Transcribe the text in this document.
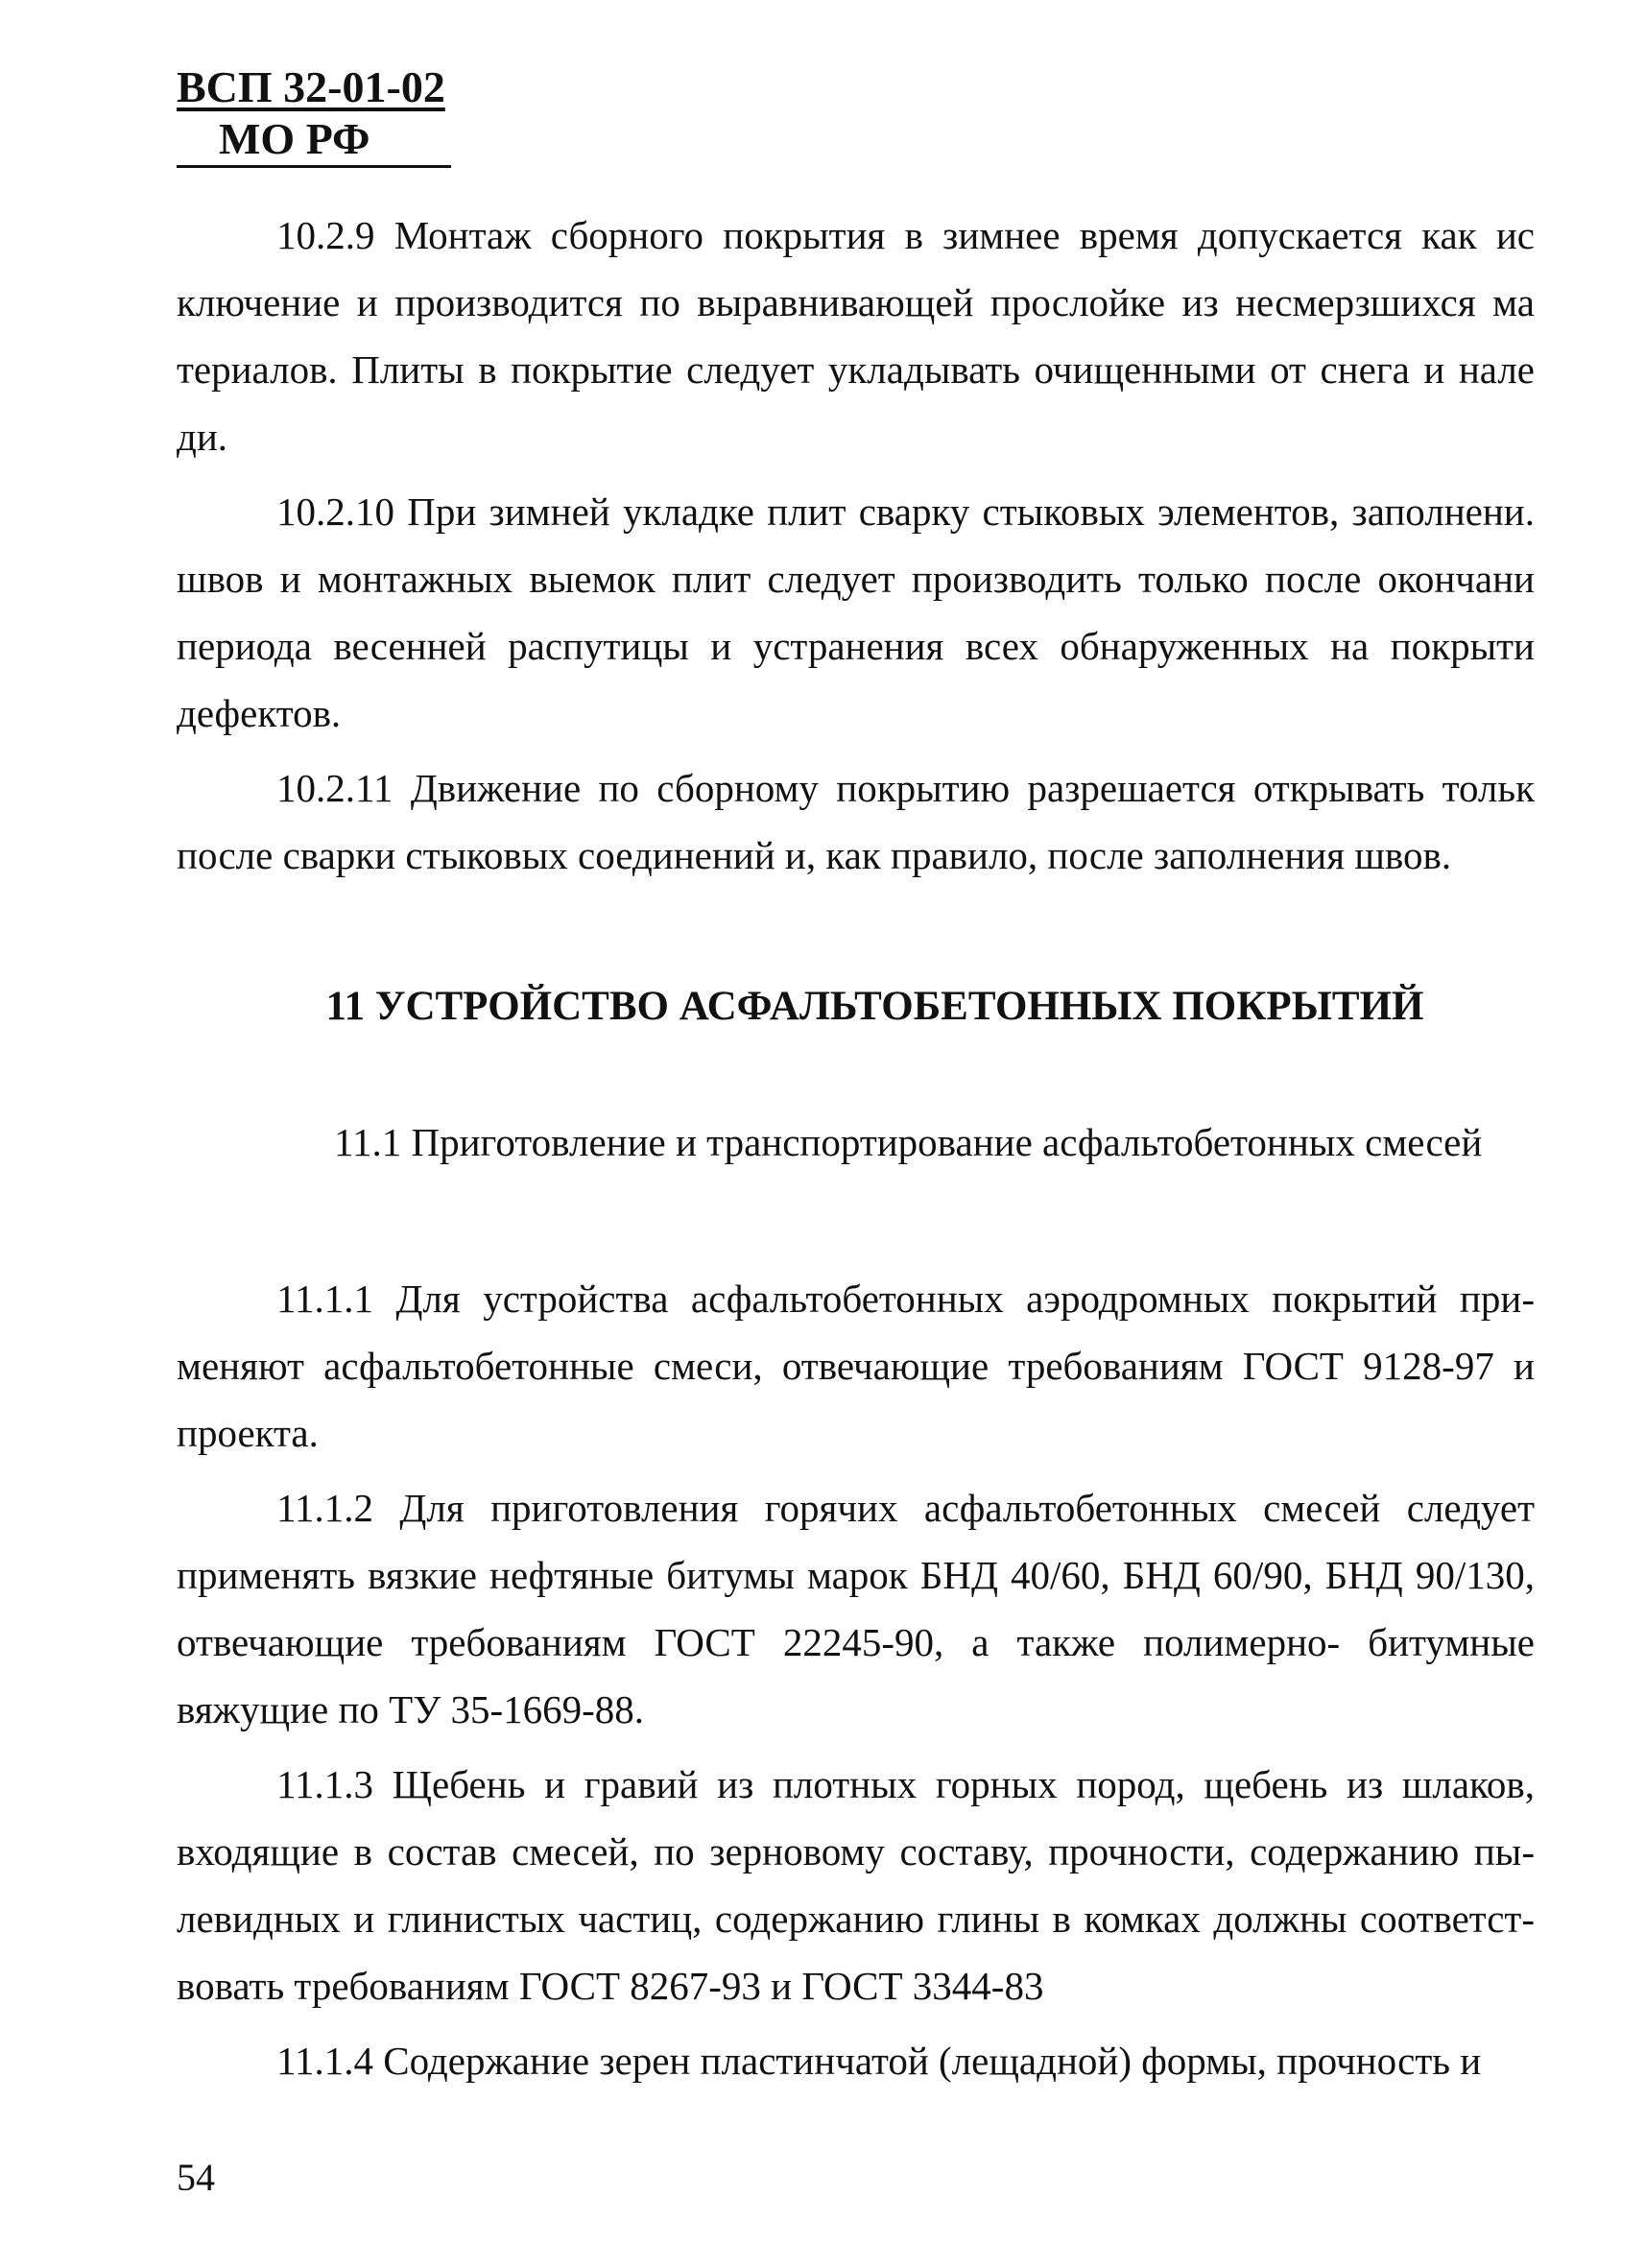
ВСП 32-01-02
МО РФ

10.2.9 Монтаж сборного покрытия в зимнее время допускается как ис ключение и производится по выравнивающей прослойке из несмерзшихся ма териалов. Плиты в покрытие следует укладывать очищенными от снега и нале ди.

10.2.10 При зимней укладке плит сварку стыковых элементов, заполнени. швов и монтажных выемок плит следует производить только после окончани периода весенней распутицы и устранения всех обнаруженных на покрыти дефектов.

10.2.11 Движение по сборному покрытию разрешается открывать тольк после сварки стыковых соединений и, как правило, после заполнения швов.

11 УСТРОЙСТВО АСФАЛЬТОБЕТОННЫХ ПОКРЫТИЙ
11.1 Приготовление и транспортирование асфальтобетонных смесей

11.1.1 Для устройства асфальтобетонных аэродромных покрытий при- меняют асфальтобетонные смеси, отвечающие требованиям ГОСТ 9128-97 и проекта.

11.1.2 Для приготовления горячих асфальтобетонных смесей следует применять вязкие нефтяные битумы марок БНД 40/60, БНД 60/90, БНД 90/130, отвечающие требованиям ГОСТ 22245-90, а также полимерно- битумные вяжущие по ТУ 35-1669-88.

11.1.3 Щебень и гравий из плотных горных пород, щебень из шлаков, входящие в состав смесей, по зерновому составу, прочности, содержанию пы- левидных и глинистых частиц, содержанию глины в комках должны соответст- вовать требованиям ГОСТ 8267-93 и ГОСТ 3344-83

11.1.4 Содержание зерен пластинчатой (лещадной) формы, прочность и

54
